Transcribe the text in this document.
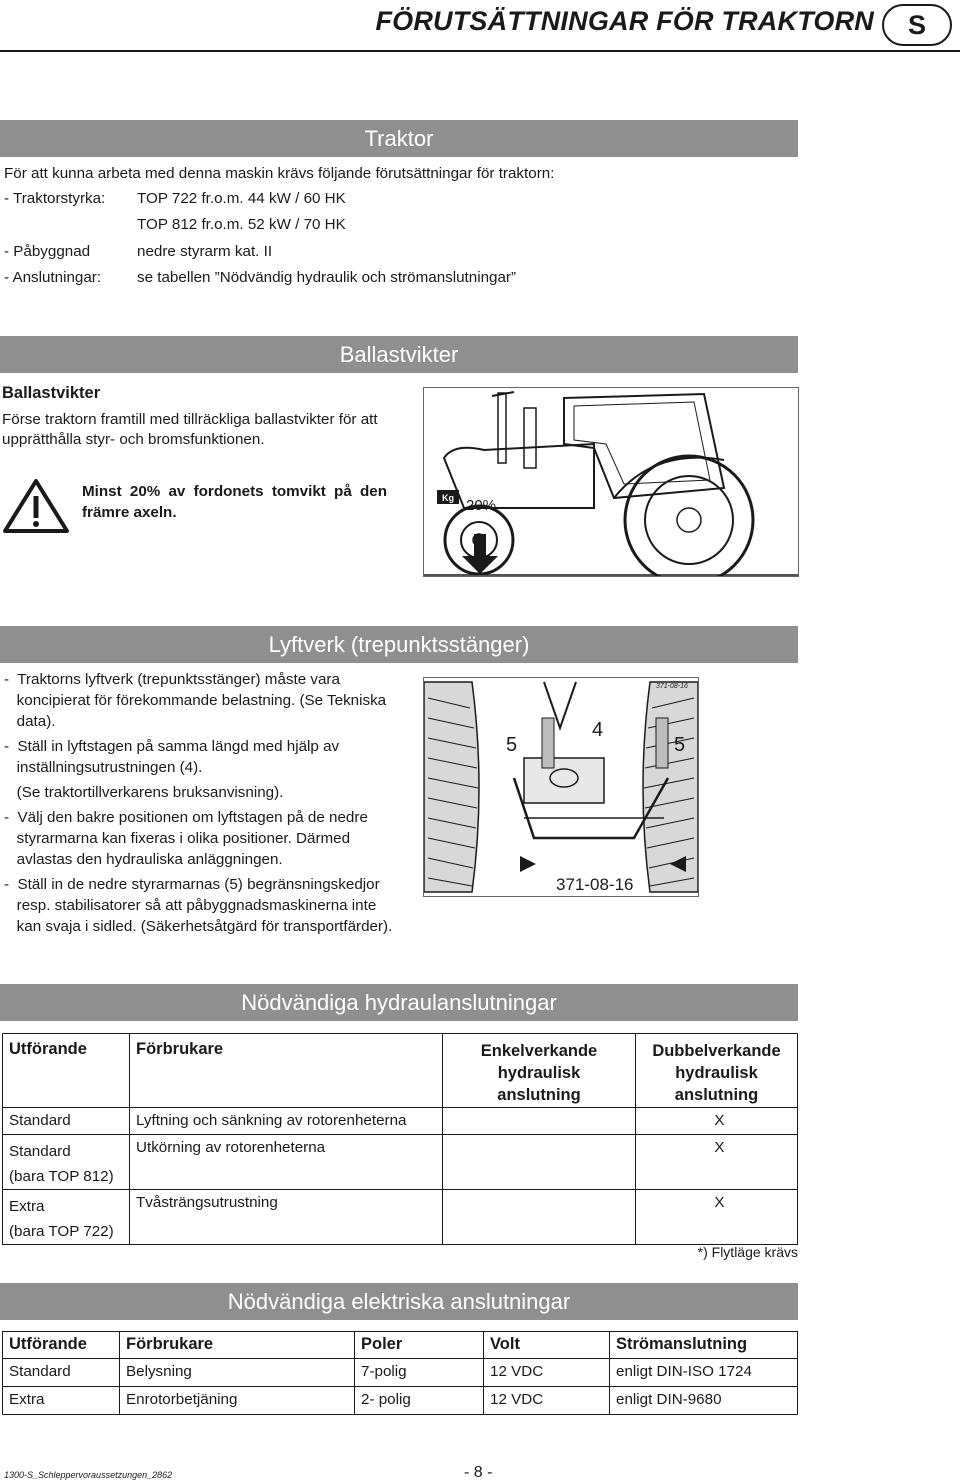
FÖRUTSÄTTNINGAR FÖR TRAKTORN	S
Traktor
För att kunna arbeta med denna maskin krävs följande förutsättningar för traktorn:
- Traktorstyrka: TOP 722 fr.o.m. 44 kW / 60 HK
TOP 812 fr.o.m. 52 kW / 70 HK
- Påbyggnad	nedre styrarm kat. II
- Anslutningar: se tabellen ”Nödvändig hydraulik och strömanslutningar”
Ballastvikter
Ballastvikter
Förse traktorn framtill med tillräckliga ballastvikter för att
upprätthålla styr- och bromsfunktionen.
Minst 20% av fordonets tomvikt på den
främre axeln.
Kg 20%
Lyftverk (trepunktsstänger)
-  Traktorns lyftverk (trepunktsstänger) måste vara
koncipierat för förekommande belastning. (Se Tekniska
data).
-  Ställ in lyftstagen på samma längd med hjälp av
inställningsutrustningen (4).
(Se traktortillverkarens bruksanvisning).
-  Välj den bakre positionen om lyftstagen på de nedre
styrarmarna kan fixeras i olika positioner. Därmed
avlastas den hydrauliska anläggningen.
-  Ställ in de nedre styrarmarnas (5) begränsningskedjor
resp. stabilisatorer så att påbyggnadsmaskinerna inte
kan svaja i sidled. (Säkerhetsåtgärd för transportfärder).
5
4
5
371-08-16
371-08-16
Nödvändiga hydraulanslutningar
Utförande	Förbrukare	Enkelverkande hydraulisk anslutning	Dubbelverkande hydraulisk anslutning
Standard	Lyftning och sänkning av rotorenheterna		X

Standard
(bara TOP 812)	Utkörning av rotorenheterna		X

Extra
(bara TOP 722)	Tvåsträngsutrustning		X
*) Flytläge krävs
Nödvändiga elektriska anslutningar
Utförande	Förbrukare	Poler	Volt	Strömanslutning
Standard	Belysning	7-polig	12 VDC	enligt DIN-ISO 1724
Extra	Enrotorbetjäning	2- polig	12 VDC	enligt DIN-9680
1300-S_Schleppervoraussetzungen_2862	- 8 -
